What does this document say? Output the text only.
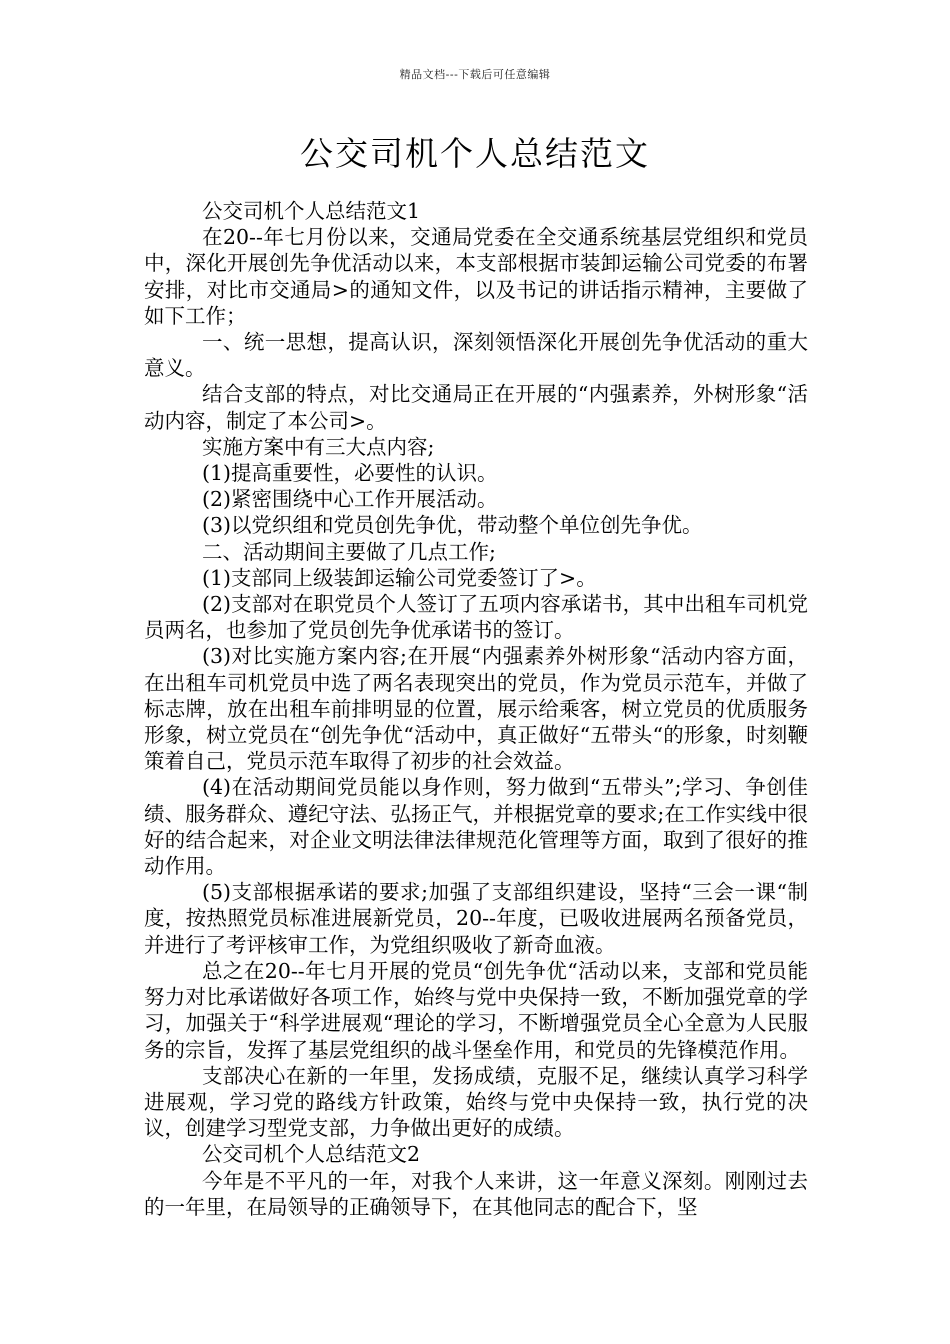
精品文档---下载后可任意编辑
公交司机个人总结范文

公交司机个人总结范文1

在20--年七月份以来，交通局党委在全交通系统基层党组织和党员中，深化开展创先争优活动以来，本支部根据市装卸运输公司党委的布署安排，对比市交通局>的通知文件，以及书记的讲话指示精神，主要做了如下工作；

一、统一思想，提高认识，深刻领悟深化开展创先争优活动的重大意义。

结合支部的特点，对比交通局正在开展的“内强素养，外树形象“活动内容，制定了本公司>。

实施方案中有三大点内容;

(1)提高重要性，必要性的认识。

(2)紧密围绕中心工作开展活动。

(3)以党织组和党员创先争优，带动整个单位创先争优。

二、活动期间主要做了几点工作;

(1)支部同上级装卸运输公司党委签订了>。

(2)支部对在职党员个人签订了五项内容承诺书，其中出租车司机党员两名，也参加了党员创先争优承诺书的签订。

(3)对比实施方案内容;在开展“内强素养外树形象“活动内容方面，在出租车司机党员中选了两名表现突出的党员，作为党员示范车，并做了标志牌，放在出租车前排明显的位置，展示给乘客，树立党员的优质服务形象，树立党员在“创先争优“活动中，真正做好“五带头“的形象，时刻鞭策着自己，党员示范车取得了初步的社会效益。

(4)在活动期间党员能以身作则，努力做到“五带头”;学习、争创佳绩、服务群众、遵纪守法、弘扬正气，并根据党章的要求;在工作实线中很好的结合起来，对企业文明法律法律规范化管理等方面，取到了很好的推动作用。

(5)支部根据承诺的要求;加强了支部组织建设，坚持“三会一课“制度，按热照党员标准进展新党员，20--年度，已吸收进展两名预备党员，并进行了考评核审工作，为党组织吸收了新奇血液。

总之在20--年七月开展的党员“创先争优“活动以来，支部和党员能努力对比承诺做好各项工作，始终与党中央保持一致，不断加强党章的学习，加强关于“科学进展观“理论的学习，不断增强党员全心全意为人民服务的宗旨，发挥了基层党组织的战斗堡垒作用，和党员的先锋模范作用。

支部决心在新的一年里，发扬成绩，克服不足，继续认真学习科学进展观，学习党的路线方针政策，始终与党中央保持一致，执行党的决议，创建学习型党支部，力争做出更好的成绩。

公交司机个人总结范文2

今年是不平凡的一年，对我个人来讲，这一年意义深刻。刚刚过去的一年里，在局领导的正确领导下，在其他同志的配合下，坚
